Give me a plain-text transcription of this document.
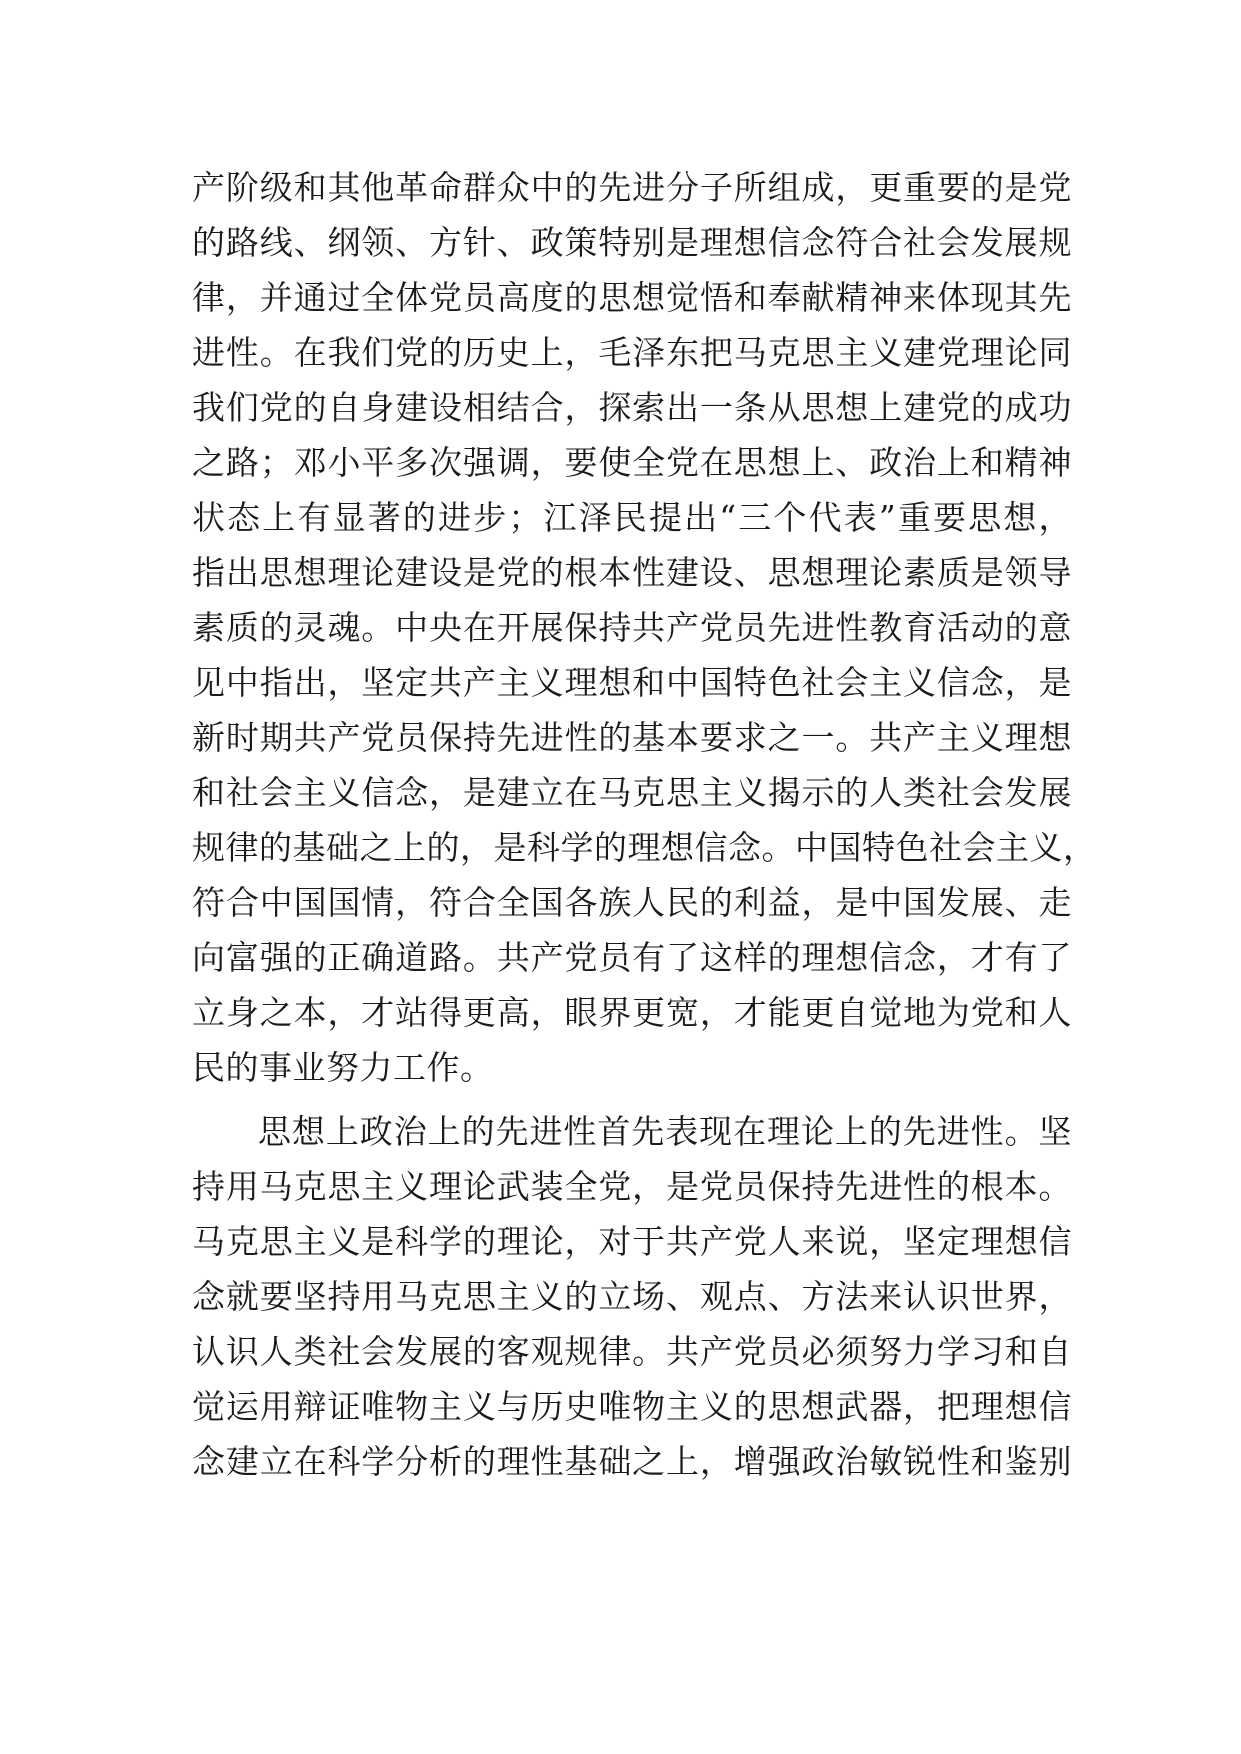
产阶级和其他革命群众中的先进分子所组成，更重要的是党
的路线、纲领、方针、政策特别是理想信念符合社会发展规
律，并通过全体党员高度的思想觉悟和奉献精神来体现其先
进性。在我们党的历史上，毛泽东把马克思主义建党理论同
我们党的自身建设相结合，探索出一条从思想上建党的成功
之路；邓小平多次强调，要使全党在思想上、政治上和精神
状态上有显著的进步；江泽民提出“三个代表”重要思想，
指出思想理论建设是党的根本性建设、思想理论素质是领导
素质的灵魂。中央在开展保持共产党员先进性教育活动的意
见中指出，坚定共产主义理想和中国特色社会主义信念，是
新时期共产党员保持先进性的基本要求之一。共产主义理想
和社会主义信念，是建立在马克思主义揭示的人类社会发展
规律的基础之上的，是科学的理想信念。中国特色社会主义，
符合中国国情，符合全国各族人民的利益，是中国发展、走
向富强的正确道路。共产党员有了这样的理想信念，才有了
立身之本，才站得更高，眼界更宽，才能更自觉地为党和人
民的事业努力工作。
思想上政治上的先进性首先表现在理论上的先进性。坚
持用马克思主义理论武装全党，是党员保持先进性的根本。
马克思主义是科学的理论，对于共产党人来说，坚定理想信
念就要坚持用马克思主义的立场、观点、方法来认识世界，
认识人类社会发展的客观规律。共产党员必须努力学习和自
觉运用辩证唯物主义与历史唯物主义的思想武器，把理想信
念建立在科学分析的理性基础之上，增强政治敏锐性和鉴别
